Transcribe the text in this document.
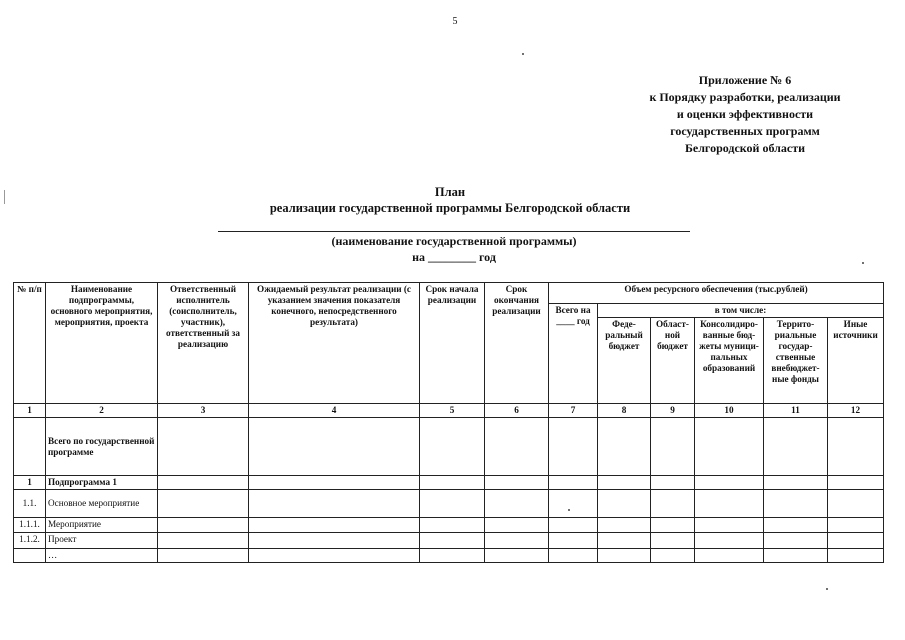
5
Приложение № 6
к Порядку разработки, реализации
и оценки эффективности
государственных программ
Белгородской области
План
реализации государственной программы Белгородской области
(наименование государственной программы)
на ________ год
№ п/п	Наименование подпрограммы, основного мероприятия, мероприятия, проекта	Ответственный исполнитель (соисполнитель, участник), ответственный за реализацию	Ожидаемый результат реализации (с указанием значения показателя конечного, непосредственного результата)	Срок начала реализации	Срок окончания реализации	Объем ресурсного обеспечения (тыс.рублей)					
						Всего на ____ год	в том числе:				
							Феде-ральный бюджет	Област-ной бюджет	Консолидиро-ванные бюд-жеты муници-пальных образований	Террито-риальные государ-ственные внебюджет-ные фонды	Иные источники
1	2	3	4	5	6	7	8	9	10	11	12
	Всего по государственной программе										
1	Подпрограмма 1										
1.1.	Основное мероприятие										
1.1.1.	Мероприятие										
1.1.2.	Проект										
	…										
